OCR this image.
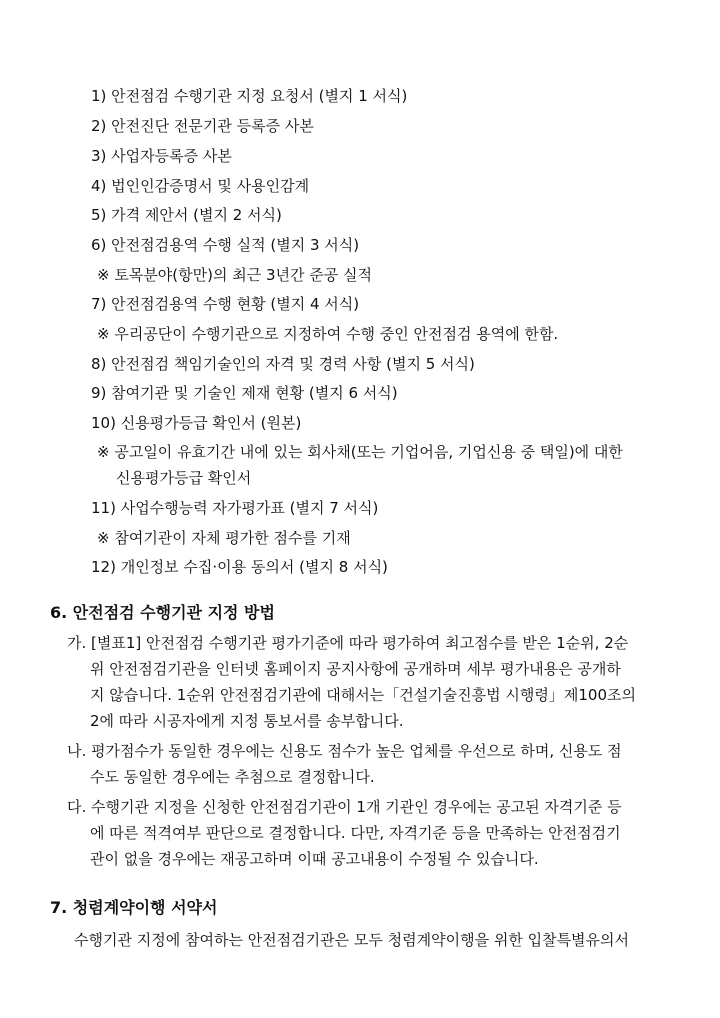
1) 안전점검 수행기관 지정 요청서 (별지 1 서식)
2) 안전진단 전문기관 등록증 사본
3) 사업자등록증 사본
4) 법인인감증명서 및 사용인감계
5) 가격 제안서 (별지 2 서식)
6) 안전점검용역 수행 실적 (별지 3 서식)
※ 토목분야(항만)의 최근 3년간 준공 실적
7) 안전점검용역 수행 현황 (별지 4 서식)
※ 우리공단이 수행기관으로 지정하여 수행 중인 안전점검 용역에 한함.
8) 안전점검 책임기술인의 자격 및 경력 사항 (별지 5 서식)
9) 참여기관 및 기술인 제재 현황 (별지 6 서식)
10) 신용평가등급 확인서 (원본)
※ 공고일이 유효기간 내에 있는 회사채(또는 기업어음, 기업신용 중 택일)에 대한
신용평가등급 확인서
11) 사업수행능력 자가평가표 (별지 7 서식)
※ 참여기관이 자체 평가한 점수를 기재
12) 개인정보 수집·이용 동의서 (별지 8 서식)
6. 안전점검 수행기관 지정 방법
가. [별표1] 안전점검 수행기관 평가기준에 따라 평가하여 최고점수를 받은 1순위, 2순
위 안전점검기관을 인터넷 홈페이지 공지사항에 공개하며 세부 평가내용은 공개하
지 않습니다. 1순위 안전점검기관에 대해서는「건설기술진흥법 시행령」제100조의
2에 따라 시공자에게 지정 통보서를 송부합니다.
나. 평가점수가 동일한 경우에는 신용도 점수가 높은 업체를 우선으로 하며, 신용도 점
수도 동일한 경우에는 추첨으로 결정합니다.
다. 수행기관 지정을 신청한 안전점검기관이 1개 기관인 경우에는 공고된 자격기준 등
에 따른 적격여부 판단으로 결정합니다. 다만, 자격기준 등을 만족하는 안전점검기
관이 없을 경우에는 재공고하며 이때 공고내용이 수정될 수 있습니다.
7. 청렴계약이행 서약서
수행기관 지정에 참여하는 안전점검기관은 모두 청렴계약이행을 위한 입찰특별유의서
